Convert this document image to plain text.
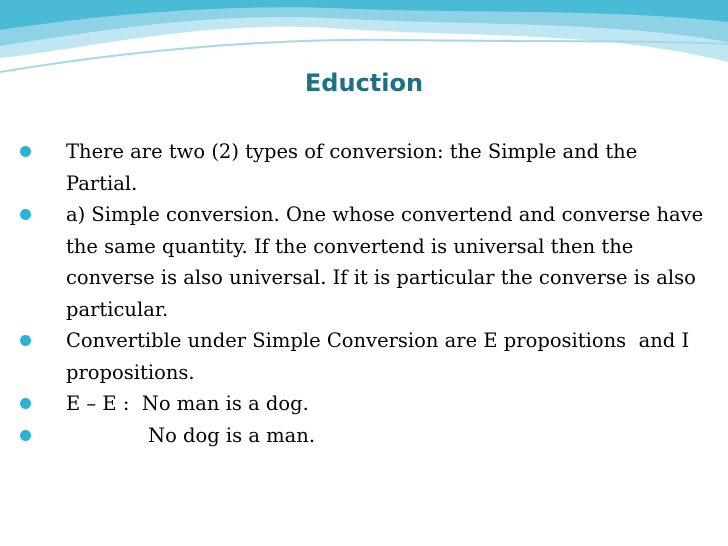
Eduction
There are two (2) types of conversion: the Simple and the Partial.
a) Simple conversion. One whose convertend and converse have the same quantity. If the convertend is universal then the converse is also universal. If it is particular the converse is also particular.
Convertible under Simple Conversion are E propositions  and I propositions.
E – E :  No man is a dog.
No dog is a man.
